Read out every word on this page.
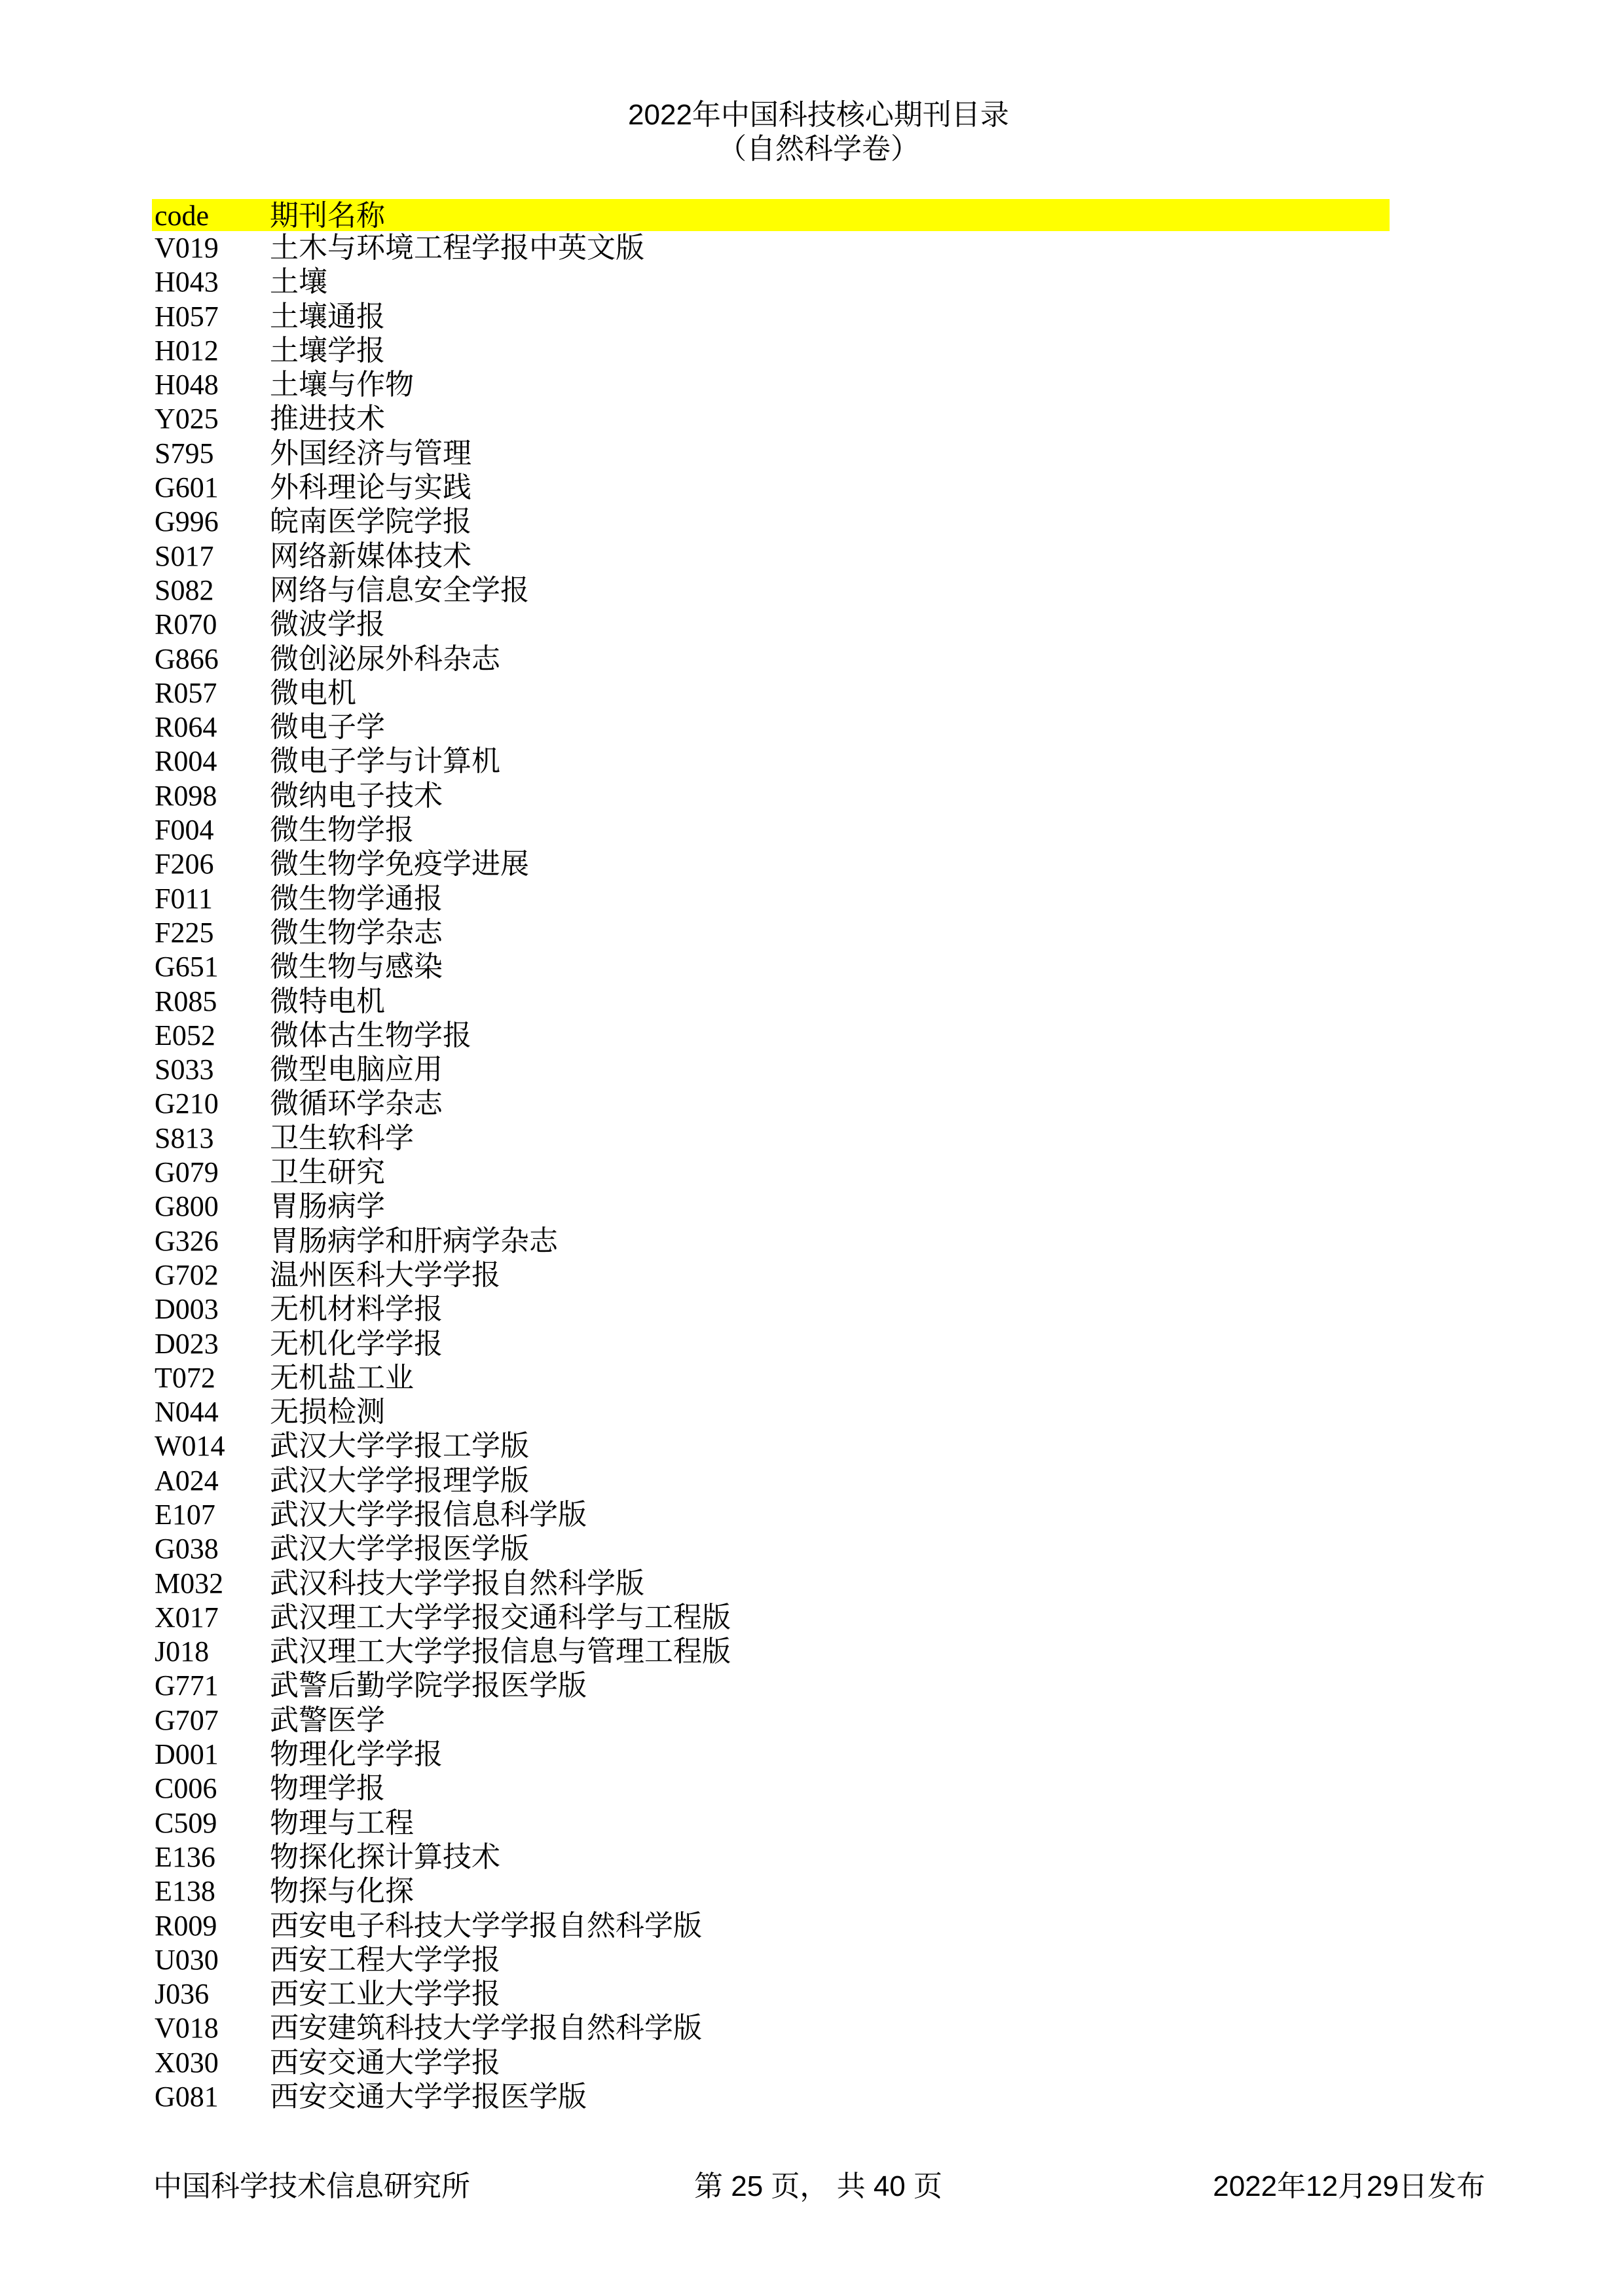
2022年中国科技核心期刊目录
（自然科学卷）
code 期刊名称
V019 土木与环境工程学报中英文版
H043 土壤
H057 土壤通报
H012 土壤学报
H048 土壤与作物
Y025 推进技术
S795 外国经济与管理
G601 外科理论与实践
G996 皖南医学院学报
S017 网络新媒体技术
S082 网络与信息安全学报
R070 微波学报
G866 微创泌尿外科杂志
R057 微电机
R064 微电子学
R004 微电子学与计算机
R098 微纳电子技术
F004 微生物学报
F206 微生物学免疫学进展
F011 微生物学通报
F225 微生物学杂志
G651 微生物与感染
R085 微特电机
E052 微体古生物学报
S033 微型电脑应用
G210 微循环学杂志
S813 卫生软科学
G079 卫生研究
G800 胃肠病学
G326 胃肠病学和肝病学杂志
G702 温州医科大学学报
D003 无机材料学报
D023 无机化学学报
T072 无机盐工业
N044 无损检测
W014 武汉大学学报工学版
A024 武汉大学学报理学版
E107 武汉大学学报信息科学版
G038 武汉大学学报医学版
M032 武汉科技大学学报自然科学版
X017 武汉理工大学学报交通科学与工程版
J018 武汉理工大学学报信息与管理工程版
G771 武警后勤学院学报医学版
G707 武警医学
D001 物理化学学报
C006 物理学报
C509 物理与工程
E136 物探化探计算技术
E138 物探与化探
R009 西安电子科技大学学报自然科学版
U030 西安工程大学学报
J036 西安工业大学学报
V018 西安建筑科技大学学报自然科学版
X030 西安交通大学学报
G081 西安交通大学学报医学版
中国科学技术信息研究所	第 25 页， 共 40 页	2022年12月29日发布
